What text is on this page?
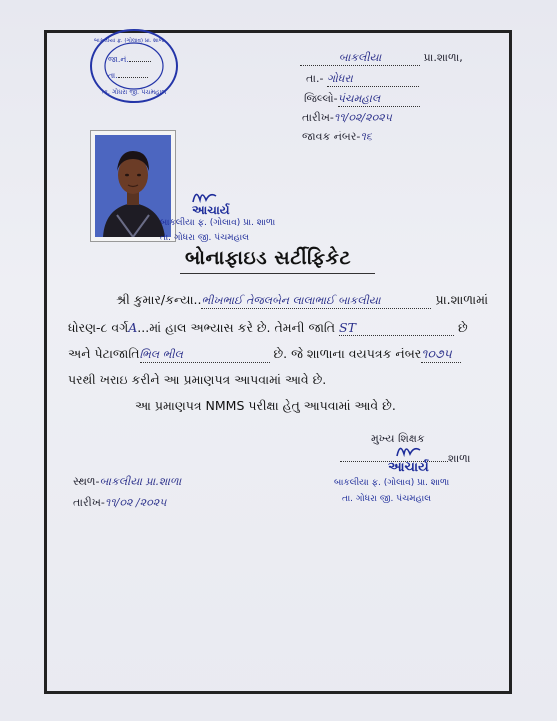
જા.નં.
તા.
બાકલીયા ફ. (ગોલાવ) પ્રા. શાળા
તા. ગોધરા જી. પંચમહાલ
બાકલીયા	પ્રા.શાળા,
તા.- ગોધરા
જિલ્લો-પંચમહાલ
તારીખ-૧૧/૦૨/૨૦૨૫
જાવક નંબર-૧૬
આચાર્ય
બાકલીયા ફ. (ગોલાવ) પ્રા. શાળા
તા. ગોધરા જી. પંચમહાલ
બોનાફાઇડ સર્ટીફિકેટ
શ્રી કુમાર/કન્યા..ભીખભાઈ તેજલબેન લાલાભાઈ બાકલીયા	પ્રા.શાળામાં
ધોરણ-૮ વર્ગA...માં હાલ અભ્યાસ કરે છે. તેમની જાતિ ST	છે
અને પેટાજાતિભિલ ભીલ	છે. જે શાળાના વયપત્રક નંબર૧૦૭૫
પરથી ખરાઇ કરીને આ પ્રમાણપત્ર આપવામાં આવે છે.
આ પ્રમાણપત્ર NMMS પરીક્ષા હેતુ આપવામાં આવે છે.
મુખ્ય શિક્ષક
શાળા
આચાર્ય
બાકલીયા ફ. (ગોલાવ) પ્રા. શાળા
તા. ગોધરા જી. પંચમહાલ
સ્થળ-બાકલીયા પ્રા.શાળા
તારીખ-૧૧/૦૨ /૨૦૨૫
